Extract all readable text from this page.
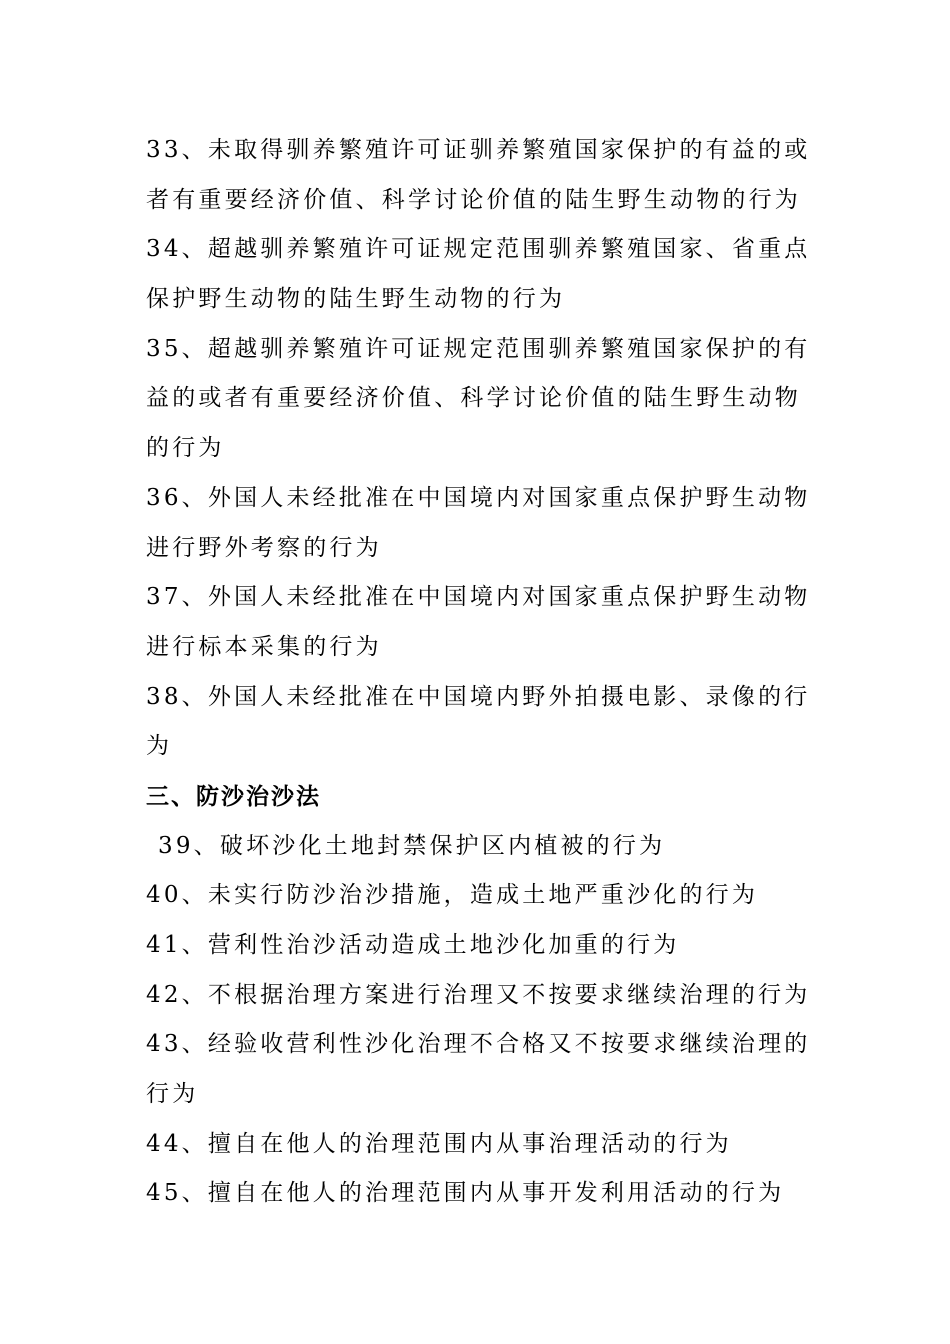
33、未取得驯养繁殖许可证驯养繁殖国家保护的有益的或
者有重要经济价值、科学讨论价值的陆生野生动物的行为
34、超越驯养繁殖许可证规定范围驯养繁殖国家、省重点
保护野生动物的陆生野生动物的行为
35、超越驯养繁殖许可证规定范围驯养繁殖国家保护的有
益的或者有重要经济价值、科学讨论价值的陆生野生动物
的行为
36、外国人未经批准在中国境内对国家重点保护野生动物
进行野外考察的行为
37、外国人未经批准在中国境内对国家重点保护野生动物
进行标本采集的行为
38、外国人未经批准在中国境内野外拍摄电影、录像的行
为
三、防沙治沙法
39、破坏沙化土地封禁保护区内植被的行为
40、未实行防沙治沙措施，造成土地严重沙化的行为
41、营利性治沙活动造成土地沙化加重的行为
42、不根据治理方案进行治理又不按要求继续治理的行为
43、经验收营利性沙化治理不合格又不按要求继续治理的
行为
44、擅自在他人的治理范围内从事治理活动的行为
45、擅自在他人的治理范围内从事开发利用活动的行为
